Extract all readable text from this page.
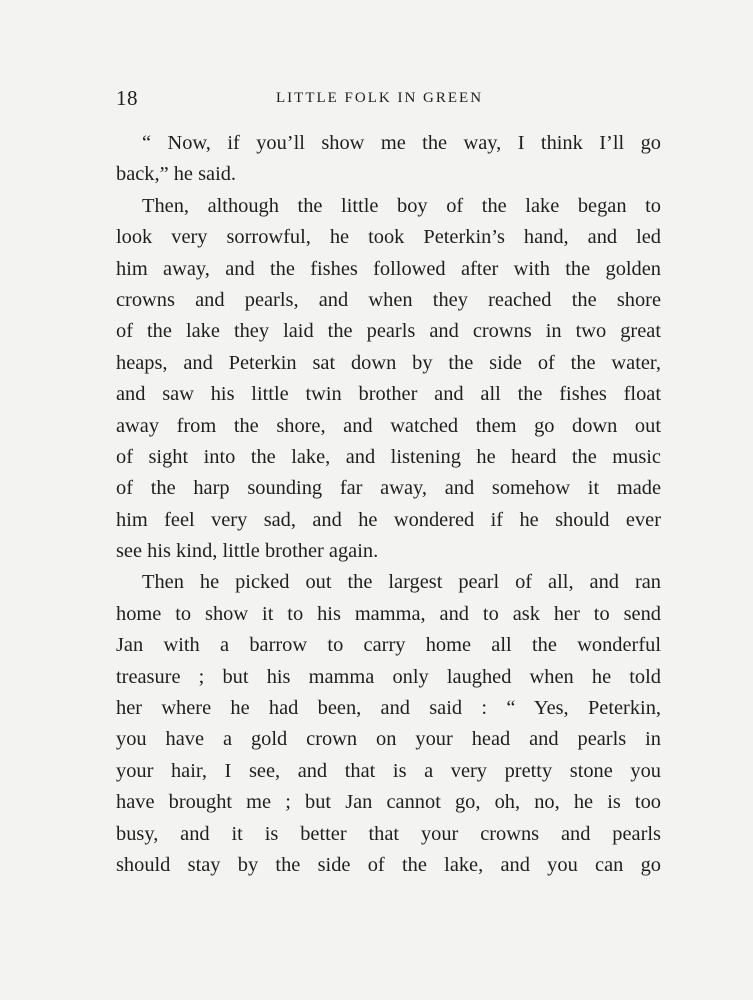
18	LITTLE FOLK IN GREEN
“ Now, if you’ll show me the way, I think I’ll go
back,” he said.
Then, although the little boy of the lake began to
look very sorrowful, he took Peterkin’s hand, and led
him away, and the fishes followed after with the golden
crowns and pearls, and when they reached the shore
of the lake they laid the pearls and crowns in two great
heaps, and Peterkin sat down by the side of the water,
and saw his little twin brother and all the fishes float
away from the shore, and watched them go down out
of sight into the lake, and listening he heard the music
of the harp sounding far away, and somehow it made
him feel very sad, and he wondered if he should ever
see his kind, little brother again.
Then he picked out the largest pearl of all, and ran
home to show it to his mamma, and to ask her to send
Jan with a barrow to carry home all the wonderful
treasure ; but his mamma only laughed when he told
her where he had been, and said : “ Yes, Peterkin,
you have a gold crown on your head and pearls in
your hair, I see, and that is a very pretty stone you
have brought me ; but Jan cannot go, oh, no, he is too
busy, and it is better that your crowns and pearls
should stay by the side of the lake, and you can go
